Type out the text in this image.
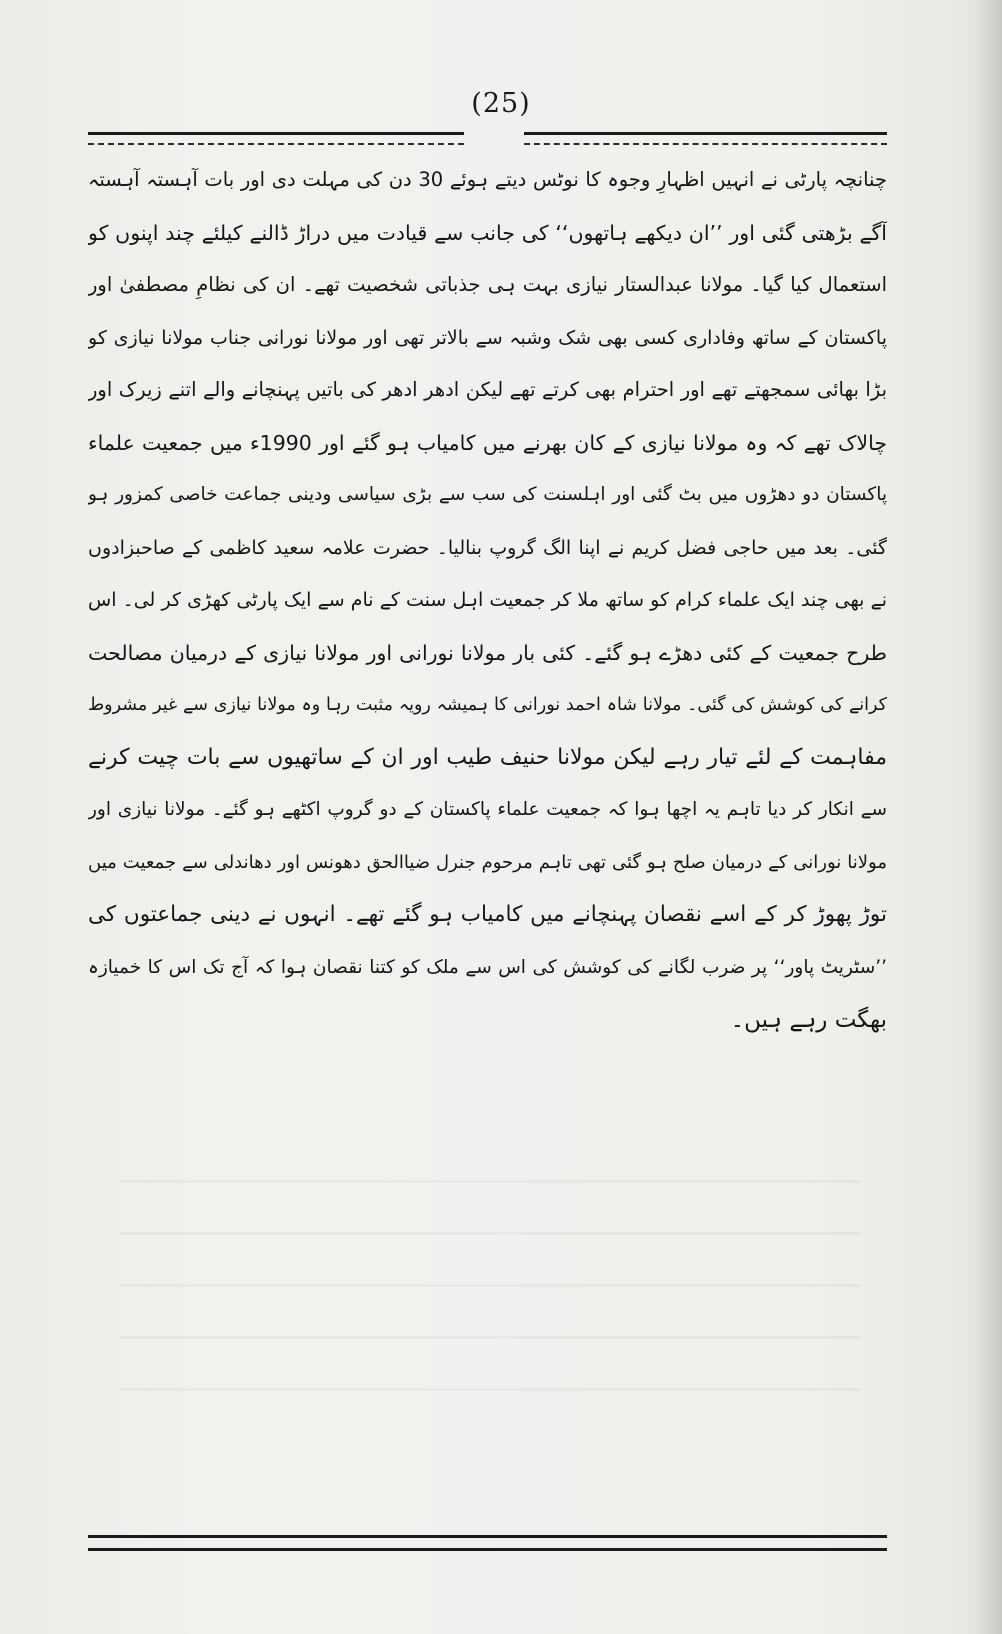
(25)
چنانچہ پارٹی نے انہیں اظہارِ وجوہ کا نوٹس دیتے ہوئے 30 دن کی مہلت دی اور بات آہستہ آہستہ
آگے بڑھتی گئی اور ’’ان دیکھے ہاتھوں‘‘ کی جانب سے قیادت میں دراڑ ڈالنے کیلئے چند اپنوں کو
استعمال کیا گیا۔ مولانا عبدالستار نیازی بہت ہی جذباتی شخصیت تھے۔ ان کی نظامِ مصطفیٰ اور
پاکستان کے ساتھ وفاداری کسی بھی شک وشبہ سے بالاتر تھی اور مولانا نورانی جناب مولانا نیازی کو
بڑا بھائی سمجھتے تھے اور احترام بھی کرتے تھے لیکن ادھر ادھر کی باتیں پہنچانے والے اتنے زیرک اور
چالاک تھے کہ وہ مولانا نیازی کے کان بھرنے میں کامیاب ہو گئے اور 1990ء میں جمعیت علماء
پاکستان دو دھڑوں میں بٹ گئی اور اہلسنت کی سب سے بڑی سیاسی ودینی جماعت خاصی کمزور ہو
گئی۔ بعد میں حاجی فضل کریم نے اپنا الگ گروپ بنالیا۔ حضرت علامہ سعید کاظمی کے صاحبزادوں
نے بھی چند ایک علماء کرام کو ساتھ ملا کر جمعیت اہل سنت کے نام سے ایک پارٹی کھڑی کر لی۔ اس
طرح جمعیت کے کئی دھڑے ہو گئے۔ کئی بار مولانا نورانی اور مولانا نیازی کے درمیان مصالحت
کرانے کی کوشش کی گئی۔ مولانا شاہ احمد نورانی کا ہمیشہ رویہ مثبت رہا وہ مولانا نیازی سے غیر مشروط
مفاہمت کے لئے تیار رہے لیکن مولانا حنیف طیب اور ان کے ساتھیوں سے بات چیت کرنے
سے انکار کر دیا تاہم یہ اچھا ہوا کہ جمعیت علماء پاکستان کے دو گروپ اکٹھے ہو گئے۔ مولانا نیازی اور
مولانا نورانی کے درمیان صلح ہو گئی تھی تاہم مرحوم جنرل ضیاالحق دھونس اور دھاندلی سے جمعیت میں
توڑ پھوڑ کر کے اسے نقصان پہنچانے میں کامیاب ہو گئے تھے۔ انہوں نے دینی جماعتوں کی
’’سٹریٹ پاور‘‘ پر ضرب لگانے کی کوشش کی اس سے ملک کو کتنا نقصان ہوا کہ آج تک اس کا خمیازہ
بھگت رہے ہیں۔
